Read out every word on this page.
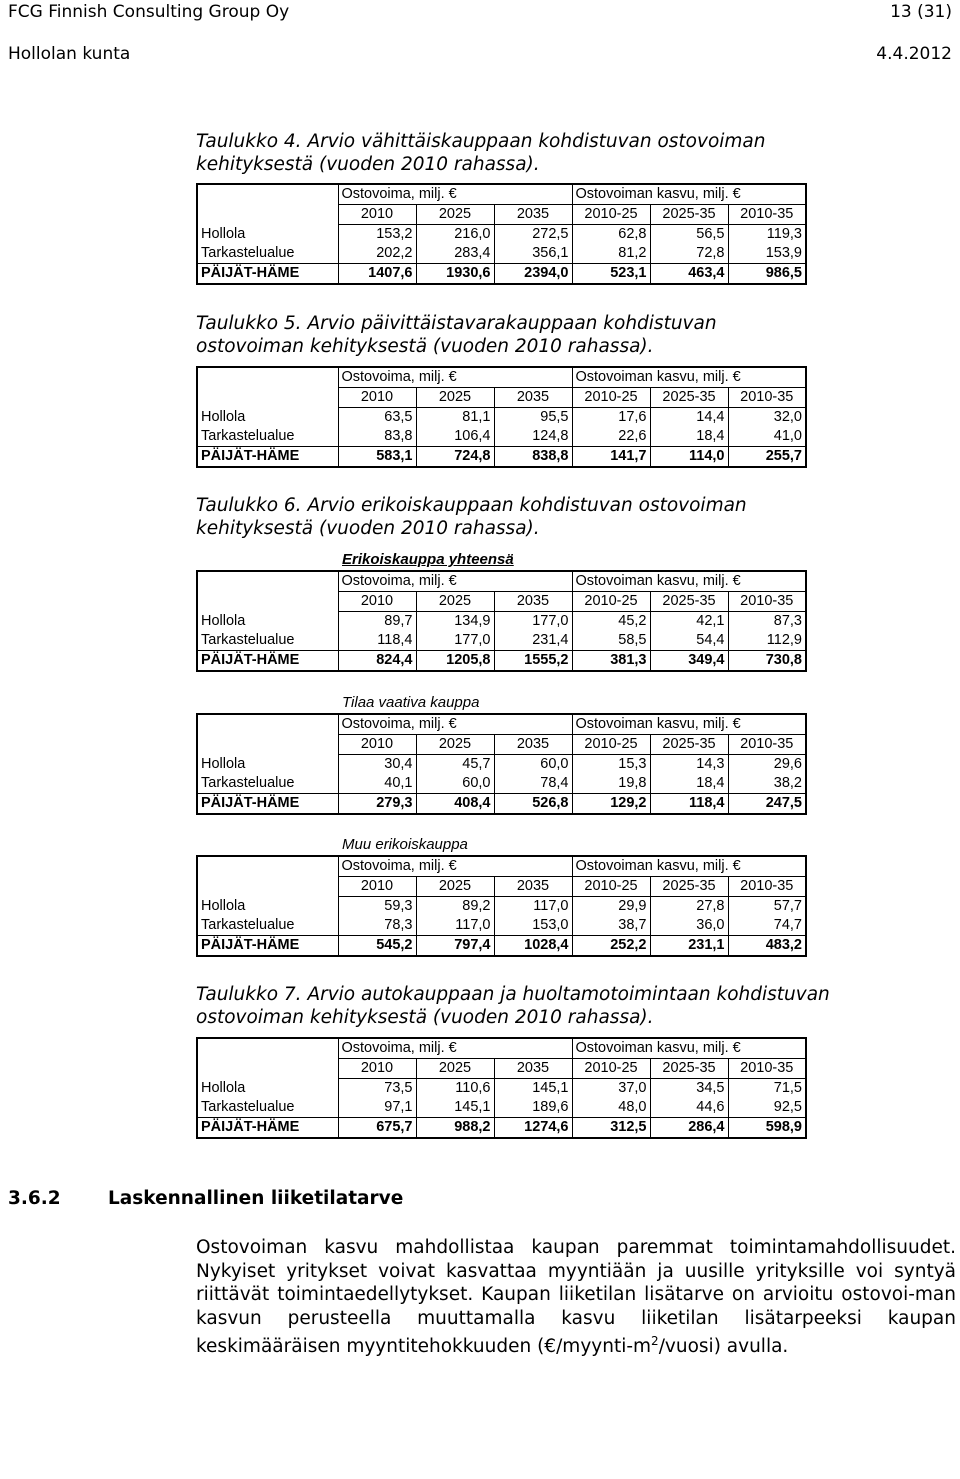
FCG Finnish Consulting Group Oy	13 (31)
Hollolan kunta	4.4.2012
Taulukko 4. Arvio vähittäiskauppaan kohdistuvan ostovoiman
kehityksestä (vuoden 2010 rahassa).
	Ostovoima, milj. €			Ostovoiman kasvu, milj. €		
	2010	2025	2035	2010-25	2025-35	2010-35
Hollola	153,2	216,0	272,5	62,8	56,5	119,3
Tarkastelualue	202,2	283,4	356,1	81,2	72,8	153,9
PÄIJÄT-HÄME	1407,6	1930,6	2394,0	523,1	463,4	986,5
Taulukko 5. Arvio päivittäistavarakauppaan kohdistuvan
ostovoiman kehityksestä (vuoden 2010 rahassa).
	Ostovoima, milj. €			Ostovoiman kasvu, milj. €		
	2010	2025	2035	2010-25	2025-35	2010-35
Hollola	63,5	81,1	95,5	17,6	14,4	32,0
Tarkastelualue	83,8	106,4	124,8	22,6	18,4	41,0
PÄIJÄT-HÄME	583,1	724,8	838,8	141,7	114,0	255,7
Taulukko 6. Arvio erikoiskauppaan kohdistuvan ostovoiman
kehityksestä (vuoden 2010 rahassa).
Erikoiskauppa yhteensä
	Ostovoima, milj. €			Ostovoiman kasvu, milj. €		
	2010	2025	2035	2010-25	2025-35	2010-35
Hollola	89,7	134,9	177,0	45,2	42,1	87,3
Tarkastelualue	118,4	177,0	231,4	58,5	54,4	112,9
PÄIJÄT-HÄME	824,4	1205,8	1555,2	381,3	349,4	730,8
Tilaa vaativa kauppa
	Ostovoima, milj. €			Ostovoiman kasvu, milj. €		
	2010	2025	2035	2010-25	2025-35	2010-35
Hollola	30,4	45,7	60,0	15,3	14,3	29,6
Tarkastelualue	40,1	60,0	78,4	19,8	18,4	38,2
PÄIJÄT-HÄME	279,3	408,4	526,8	129,2	118,4	247,5
Muu erikoiskauppa
	Ostovoima, milj. €			Ostovoiman kasvu, milj. €		
	2010	2025	2035	2010-25	2025-35	2010-35
Hollola	59,3	89,2	117,0	29,9	27,8	57,7
Tarkastelualue	78,3	117,0	153,0	38,7	36,0	74,7
PÄIJÄT-HÄME	545,2	797,4	1028,4	252,2	231,1	483,2
Taulukko 7. Arvio autokauppaan ja huoltamotoimintaan kohdistuvan
ostovoiman kehityksestä (vuoden 2010 rahassa).
	Ostovoima, milj. €			Ostovoiman kasvu, milj. €		
	2010	2025	2035	2010-25	2025-35	2010-35
Hollola	73,5	110,6	145,1	37,0	34,5	71,5
Tarkastelualue	97,1	145,1	189,6	48,0	44,6	92,5
PÄIJÄT-HÄME	675,7	988,2	1274,6	312,5	286,4	598,9
3.6.2	Laskennallinen liiketilatarve
Ostovoiman kasvu mahdollistaa kaupan paremmat toimintamahdollisuudet. Nykyiset yritykset voivat kasvattaa myyntiään ja uusille yrityksille voi syntyä riittävät toimintaedellytykset. Kaupan liiketilan lisätarve on arvioitu ostovoi-man kasvun perusteella muuttamalla kasvu liiketilan lisätarpeeksi kaupan keskimääräisen myyntitehokkuuden $(€/myynti-m^2/vuosi)$ avulla.
